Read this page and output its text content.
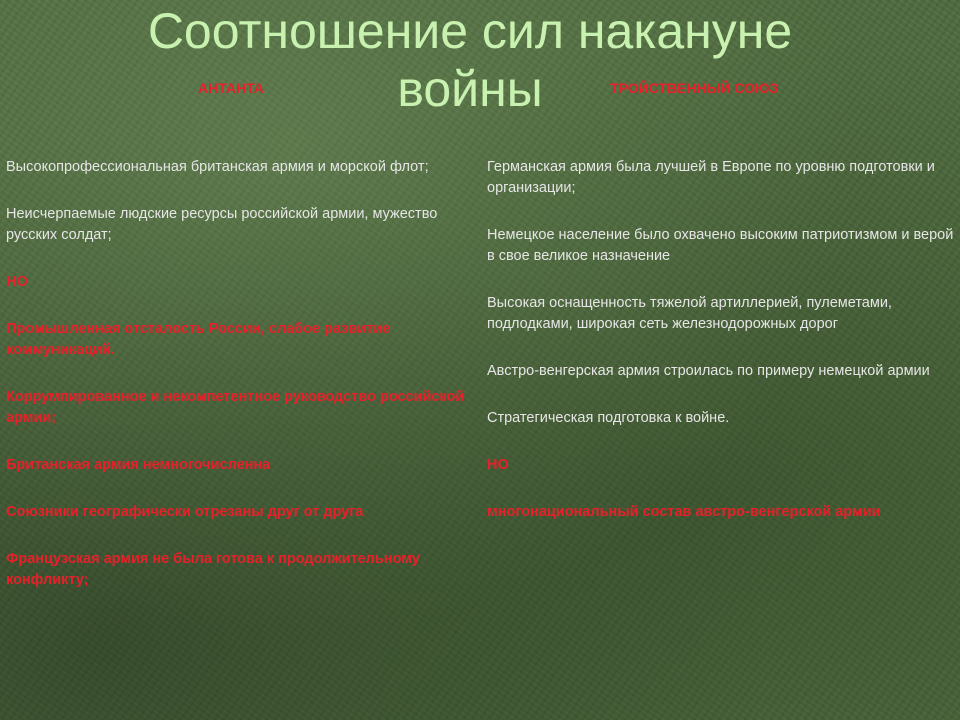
Соотношение сил накануне войны
АНТАНТА	ТРОЙСТВЕННЫЙ СОЮЗ

Высокопрофессиональная британская армия и морской флот;

Неисчерпаемые людские ресурсы российской армии, мужество русских солдат;

НО

Промышленная отсталость России, слабое развитие коммуникаций.

Коррумпированное и некомпетентное руководство российской армии;

Британская армия немногочисленна

Союзники географически отрезаны друг от друга

Французская армия не была готова к продолжительному конфликту;

Германская армия была лучшей в Европе по уровню подготовки и организации;

Немецкое население было охвачено высоким патриотизмом и верой в свое великое назначение

Высокая оснащенность тяжелой артиллерией, пулеметами, подлодками, широкая сеть железнодорожных дорог

Австро-венгерская армия строилась по примеру немецкой армии

Стратегическая подготовка к войне.

НО

многонациональный состав австро-венгерской армии
